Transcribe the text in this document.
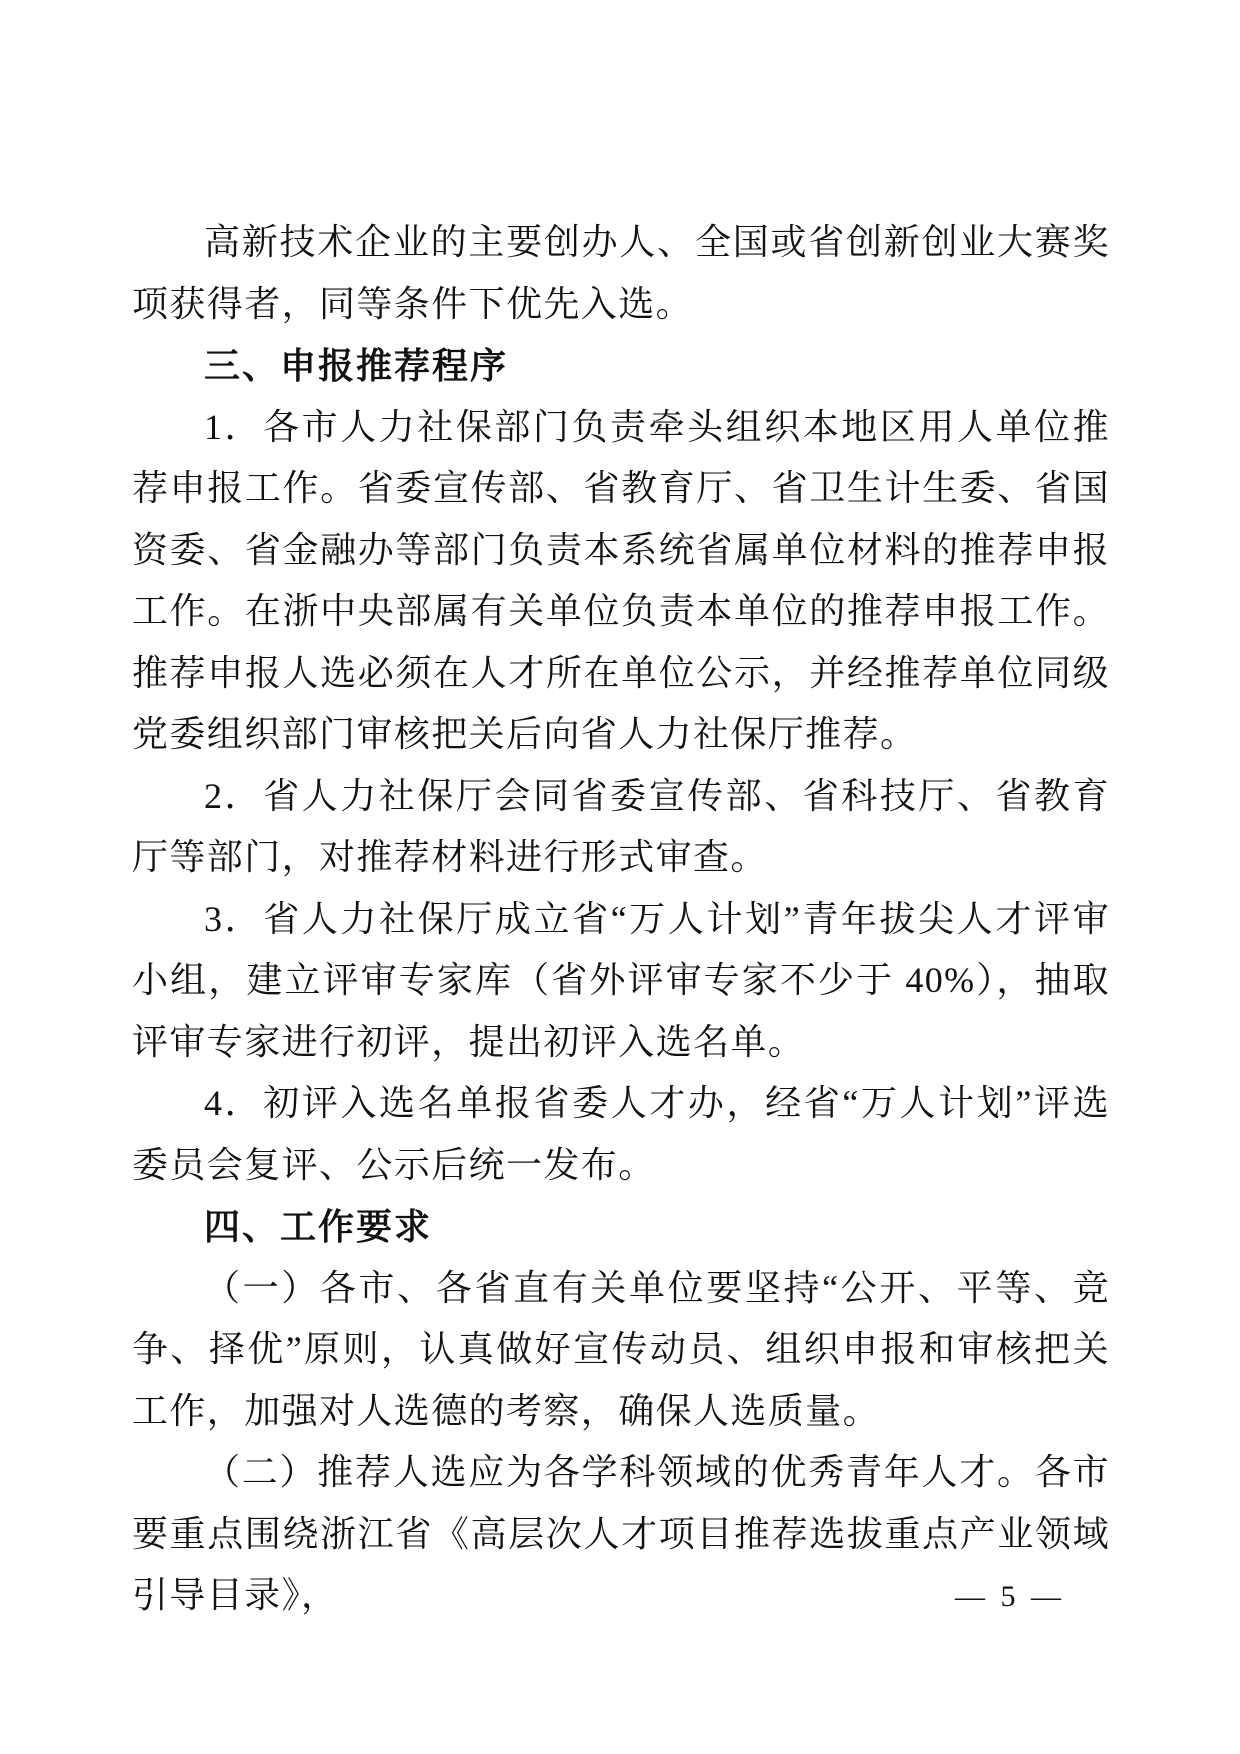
高新技术企业的主要创办人、全国或省创新创业大赛奖项获得者，同等条件下优先入选。

三、申报推荐程序

1．各市人力社保部门负责牵头组织本地区用人单位推荐申报工作。省委宣传部、省教育厅、省卫生计生委、省国资委、省金融办等部门负责本系统省属单位材料的推荐申报工作。在浙中央部属有关单位负责本单位的推荐申报工作。推荐申报人选必须在人才所在单位公示，并经推荐单位同级党委组织部门审核把关后向省人力社保厅推荐。

2．省人力社保厅会同省委宣传部、省科技厅、省教育厅等部门，对推荐材料进行形式审查。

3．省人力社保厅成立省“万人计划”青年拔尖人才评审小组，建立评审专家库（省外评审专家不少于 40%），抽取评审专家进行初评，提出初评入选名单。

4．初评入选名单报省委人才办，经省“万人计划”评选委员会复评、公示后统一发布。

四、工作要求

（一）各市、各省直有关单位要坚持“公开、平等、竞争、择优”原则，认真做好宣传动员、组织申报和审核把关工作，加强对人选德的考察，确保人选质量。

（二）推荐人选应为各学科领域的优秀青年人才。各市要重点围绕浙江省《高层次人才项目推荐选拔重点产业领域引导目录》，	— 5 —
